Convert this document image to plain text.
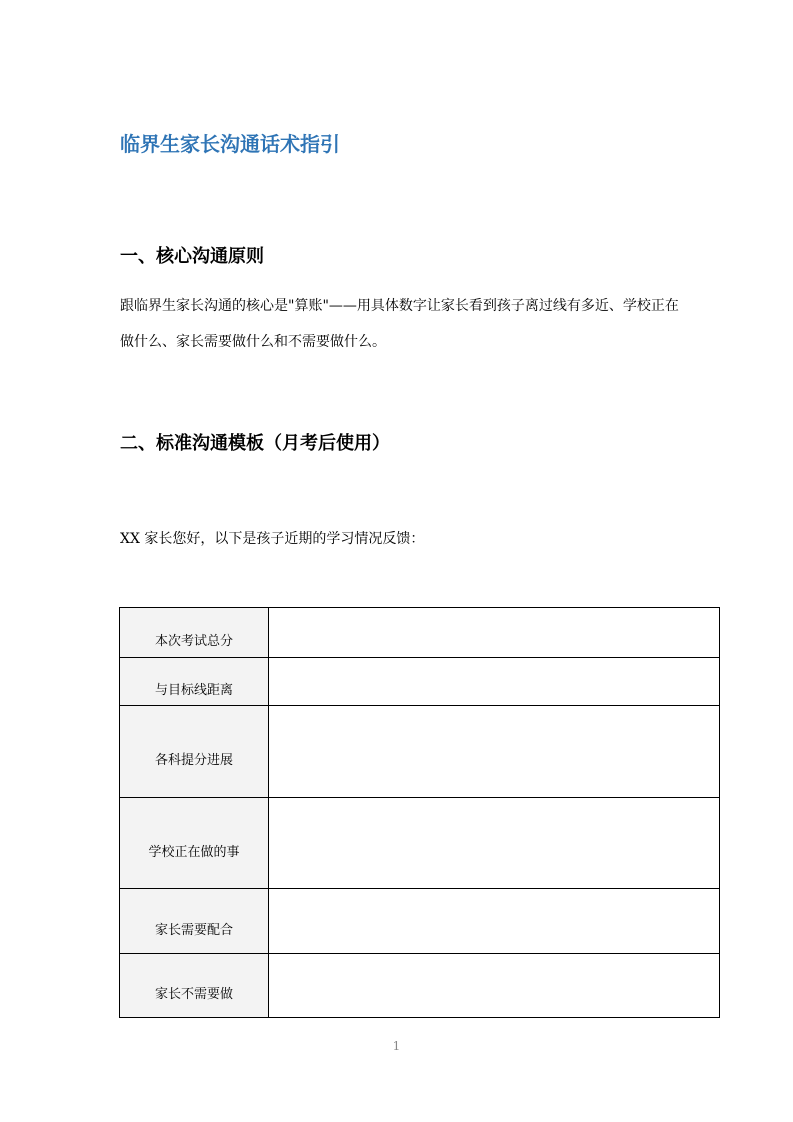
临界生家长沟通话术指引
一、核心沟通原则

跟临界生家长沟通的核心是"算账"——用具体数字让家长看到孩子离过线有多近、学校正在做什么、家长需要做什么和不需要做什么。

二、标准沟通模板（月考后使用）

XX 家长您好，以下是孩子近期的学习情况反馈：

本次考试总分	
与目标线距离	
各科提分进展	
学校正在做的事	
家长需要配合	
家长不需要做	
1
